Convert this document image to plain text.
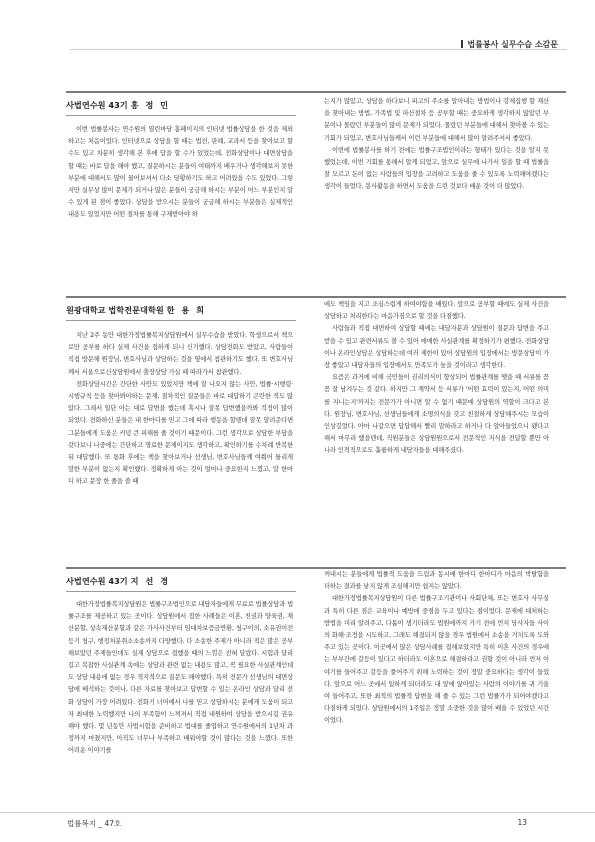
법률봉사 실무수습 소감문
사법연수원 43기 홍 정 민

이번 법률봉사는 연수원의 열린마당 홈페이지의 인터넷 법률상담을 한 것을 제외하고는 처음이었다. 인터넷으로 상담을 할 때는 법전, 판례, 교과서 등을 찾아보고 할 수도 있고 차분히 생각해 본 후에 답을 할 수가 있었는데, 전화상담이나 대면상담을 할 때는 바로 답을 해야 했고, 질문하시는 분들이 여태까지 배우거나 생각해보지 못한 부분에 대해서도 많이 물어보셔서 다소 당황하기도 하고 어려웠을 수도 있었다. 그렇지만 실무상 많이 문제가 되거나 많은 분들이 궁금해 하시는 부분이 어느 부분인지 알 수 있게 된 점이 좋았다. 상담을 받으시는 분들이 궁금해 하시는 부분들은 실제적인 내용도 있었지만 어떤 절차를 통해 구제받아야 하

는지가 많았고, 상담을 하다보니 피고의 주소를 알아내는 방법이나 강제집행 할 재산을 찾아내는 방법, 가족법 및 파산절차 등 공부할 때는 중요하게 생각하지 않았던 부분이나 몰랐던 부분들이 많이 문제가 되었다. 몰랐던 부분들에 대해서 찾아볼 수 있는 기회가 되었고, 변호사님들께서 이런 부분들에 대해서 많이 알려주셔서 좋았다.

이번에 법률봉사를 하기 전에는 법률구조법인이라는 형태가 있다는 것을 알지 못했었는데, 이번 기회를 통해서 알게 되었고, 앞으로 실무에 나가서 일을 할 때 법률을 잘 모르고 돈이 없는 사람들의 입장을 고려하고 도움을 줄 수 있도록 노력해야겠다는 생각이 들었다. 봉사활동을 하면서 도움을 드린 것보다 배운 것이 더 많았다.

원광대학교 법학전문대학원 한 용 희

지난 2주 동안 대한가정법률복지상담원에서 실무수습을 받았다. 학생으로서 책으로만 공부를 하다 실제 사건을 접하게 되니 신기했다. 상담전화도 받았고, 사람들이 직접 방문해 원장님, 변호사님과 상담하는 것을 옆에서 참관하기도 했다. 또 변호사님께서 서울으로신상담원에서 출장상담 가실 때 따라가서 참관했다.

전화상담시간은 간단한 사안도 있었지만 책에 잘 나오지 않는 사안, 법률·시행령·시행규칙 등을 찾아봐야하는 문제, 절차적인 질문들은 바로 대답하기 곤란한 적도 많았다. 그래서 일단 아는 대로 답변을 했는데 혹시나 잘못 답변했을까봐 걱정이 많이 되었다. 전화하신 분들은 내 한마디를 믿고 그에 따라 행동을 할텐데 잘못 알려준다면 그분들에게 도움은 커녕 큰 피해를 줄 것이기 때문이다. 그런 생각으로 상담한 부담을 갖다보니 나중에는 간단하고 명료한 문제이지도 생각하고, 확인하기를 수차례 반복한 뒤 대답했다. 또 통화 후에는 책을 찾아보거나 선생님, 변호사님들께 여쭤어 틀리게 말한 부분이 없는지 확인했다. 정확하게 아는 것이 얼마나 중요한지 느꼈고, 말 한마디 하고 문장 한 줄을 쓸 때

에도 책임을 지고 조심스럽게 하여야함을 배웠다. 앞으로 공부할 때에도 실제 사건을 상담하고 처리한다는 마음가짐으로 할 것을 다짐했다.

사람들과 직접 대면하여 상담할 때에는 내담자분과 상담원이 질문과 답변을 주고받을 수 있고 관련서류도 볼 수 있어 애매한 사실관계를 확정하기가 편했다. 전화상담이나 온라인상담은 상담하는데 여러 제한이 있어 상담원의 입장에서는 방문상담이 가장 좋았고 내담자들의 입장에서도 만족도가 높을 것이라고 생각한다.

요즘은 과거에 비해 국민들이 권리의식이 향상되어 법률관계를 맺을 때 서류를 꼼꼼 잘 남겨두는 것 같다. 하지만 그 계약서 등 서류가 '어떤 효력이 있는지, 어떤 의미를 지니는지'까지는 전문가가 아니면 알 수 없기 때문에 상담원의 역할이 크다고 본다. 원장님, 변호사님, 선생님들에게 소명의식을 갖고 친절하게 상담해주시는 모습이 인상깊었다. 아마 나같으면 답답해서 빨리 말하라고 하거나 다 알아들었으니 됐다고 해서 마무리 했을텐데, 직원분들은 상담원원으로서 전문적인 지식을 전달할 뿐만 아니라 인격적으로도 훌륭하게 내담자들을 대해주셨다.

사법연수원 43기 지 선 경

대한가정법률복지상담원은 법률구조법인으로 내담자들에게 무료로 법률상담과 법률구조를 제공하고 있는 곳이다. 상담원에서 접한 사례들은 이혼, 친권과 양육권, 재산분할, 상속재산분할과 같은 가사사건부터 임대차보증금반환, 청구이의, 소유권이전등기 청구, 행정처분취소소송까지 다양했다. 다 소송한 주제가 아니라 적은 많은 공부해보았던 주제들인데도 실제 상담으로 접했을 때의 느낌은 전혀 달랐다. 시험과 달리 길고 복잡한 사실관계 속에는 상담과 관련 없는 내용도 많고, 꼭 필요한 사실관계인데도 상담 내용에 없는 경우 적지적으로 질문도 해야했다. 특히 전문가 선생님의 대면상담에 배석하는 것이나, 다른 자료를 찾아보고 답변할 수 있는 온라인 상담과 달리 전화 상담이 가장 어려웠다. 전화기 너머에서 나를 믿고 상담하시는 분에게 도움이 되고자 최대한 노력했지만 나의 부족함이 느껴져서 직접 내원하여 상담을 받으시길 권유해야 했다. 몇 년동안 사법시험을 준비하고 법대를 졸업하고 연수원에서의 1년차 과정까지 마쳤지만, 아직도 너무나 부족하고 배워야할 것이 많다는 것을 느꼈다. 또한 어려운 이야기를

꺼내시는 분들에게 법률적 도움을 드림과 동시에 한마디 한마디가 마음의 박탈함을 더하는 결과를 낳지 않게 조심해지만 쉽지는 않았다.

대한가정법률복지상담원이 다른 법률구조기관이나 사회단체, 또는 변호사 사무실과 특히 다른 점은 교육이나 예방에 중점을 두고 있다는 점이었다. 문제에 대처하는 방법을 미리 알려주고, 다툼이 생기더라도 법원에까지 가기 전에 먼저 당사자들 사이의 화해·조정을 시도하고, 그래도 해결되지 않을 경우 법원에서 소송을 거치도록 도와주고 있는 곳이다. 이곳에서 많은 상담사례를 접해보았지만 특히 이혼 사건의 경우에는 부부간에 갈등이 있다고 하더라도 이혼으로 해결하라고 권할 것이 아니라 먼저 이야기를 들어주고 갈등을 풀어주기 위해 노력하는 것이 정말 중요하다는 생각이 들었다. 앞으로 어느 곳에서 일하게 되더라도 내 앞에 앉아있는 사람의 이야기를 귀 기울여 들어주고, 또한 최적의 법률적 답변을 해 줄 수 있는 그런 법률가가 되어야겠다고 다짐하게 되었다. 상담원에서의 1주일은 정말 소중한 것을 많이 배울 수 있었던 시간이었다.

법률복지 _ 47호	13
